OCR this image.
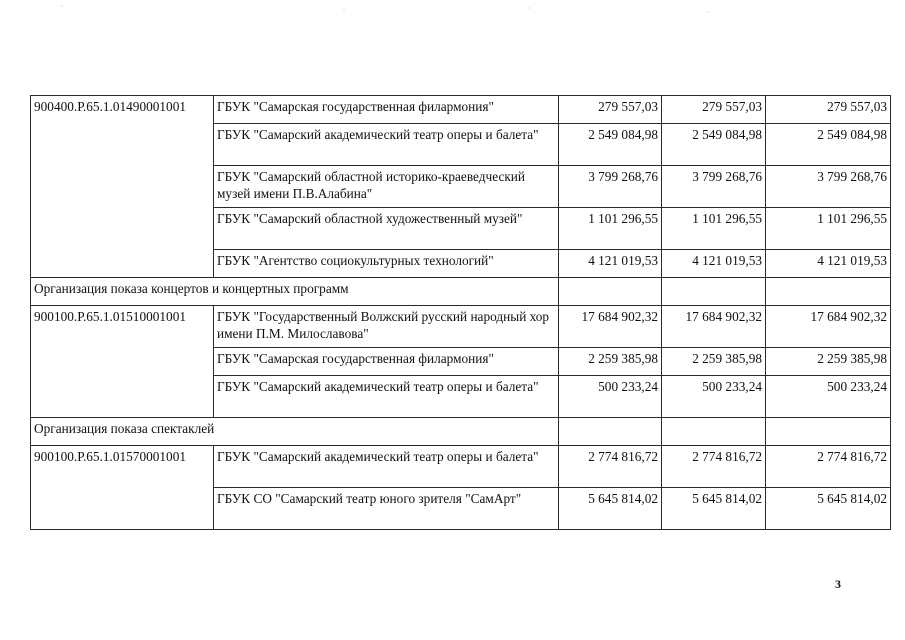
900400.Р.65.1.01490001001	ГБУК "Самарская государственная филармония"	279 557,03	279 557,03	279 557,03
	ГБУК "Самарский академический театр оперы и балета"	2 549 084,98	2 549 084,98	2 549 084,98
	ГБУК "Самарский областной историко-краеведческий музей имени П.В.Алабина"	3 799 268,76	3 799 268,76	3 799 268,76
	ГБУК "Самарский областной художественный музей"	1 101 296,55	1 101 296,55	1 101 296,55
	ГБУК "Агентство социокультурных технологий"	4 121 019,53	4 121 019,53	4 121 019,53
Организация показа концертов и концертных программ				
900100.Р.65.1.01510001001	ГБУК "Государственный Волжский русский народный хор имени П.М. Милославова"	17 684 902,32	17 684 902,32	17 684 902,32
	ГБУК "Самарская государственная филармония"	2 259 385,98	2 259 385,98	2 259 385,98
	ГБУК "Самарский академический театр оперы и балета"	500 233,24	500 233,24	500 233,24
Организация показа спектаклей				
900100.Р.65.1.01570001001	ГБУК "Самарский академический театр оперы и балета"	2 774 816,72	2 774 816,72	2 774 816,72
	ГБУК СО "Самарский театр юного зрителя "СамАрт"	5 645 814,02	5 645 814,02	5 645 814,02
3
